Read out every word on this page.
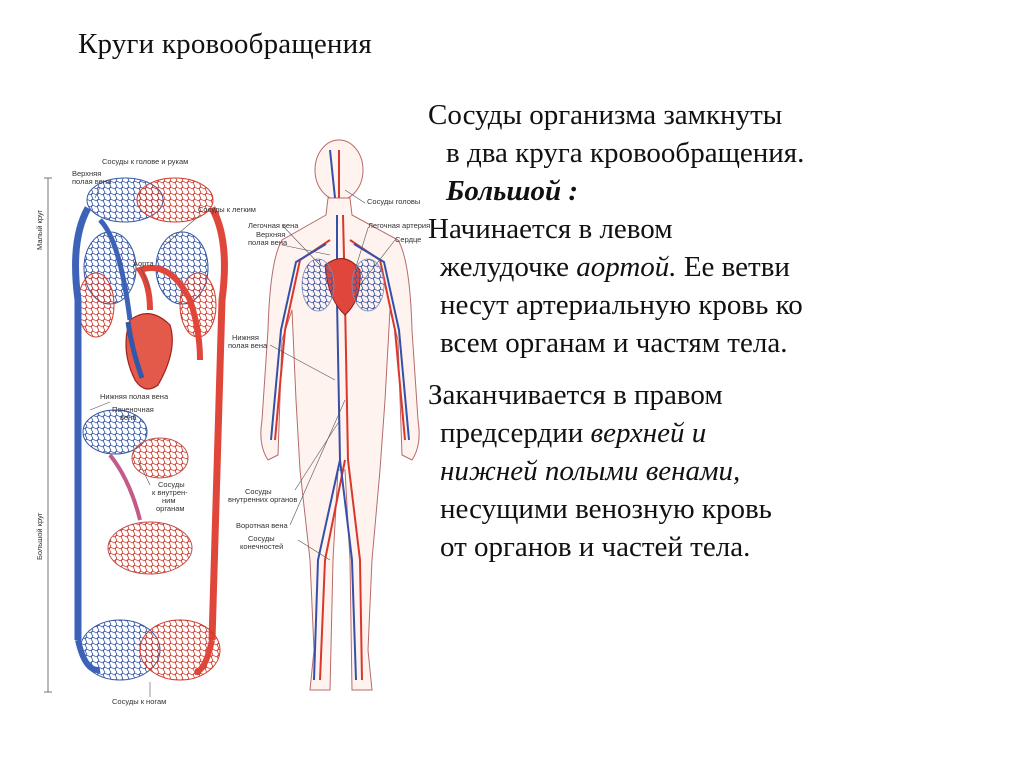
Круги кровообращения
Сосуды организма замкнуты
в два круга кровообращения.
Большой :
Начинается в левом
желудочке аортой. Ее ветви
несут артериальную кровь ко
всем органам и частям тела.
Заканчивается в правом
предсердии верхней и
нижней полыми венами,
несущими венозную кровь
от органов и частей тела.
Сосуды к голове и рукам
Верхняя
полая вена
Сосуды к легким
Аорта
Нижняя полая вена
Печеночная
вена
Сосуды
к внутрен-
ним
органам
Сосуды к ногам
Малый круг
Большой круг
Сосуды головы
Легочная вена	Легочная артерия
Верхняя
полая вена	Сердце
Нижняя
полая вена
Сосуды
внутренних органов
Воротная вена
Сосуды
конечностей
